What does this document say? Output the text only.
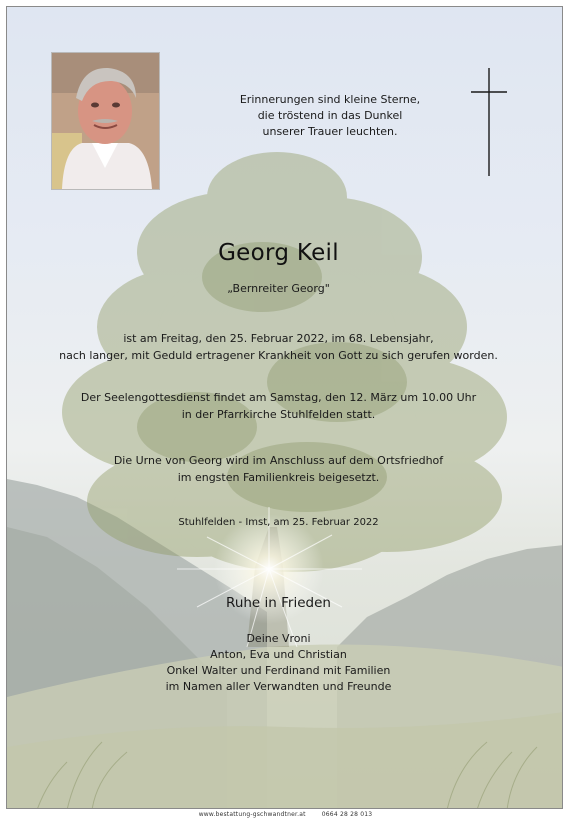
Erinnerungen sind kleine Sterne,
die tröstend in das Dunkel
unserer Trauer leuchten.
Georg Keil
„Bernreiter Georg"
ist am Freitag, den 25. Februar 2022, im 68. Lebensjahr,
nach langer, mit Geduld ertragener Krankheit von Gott zu sich gerufen worden.
Der Seelengottesdienst findet am Samstag, den 12. März um 10.00 Uhr
in der Pfarrkirche Stuhlfelden statt.
Die Urne von Georg wird im Anschluss auf dem Ortsfriedhof
im engsten Familienkreis beigesetzt.
Stuhlfelden - Imst, am 25. Februar 2022
Ruhe in Frieden
Deine Vroni
Anton, Eva und Christian
Onkel Walter und Ferdinand mit Familien
im Namen aller Verwandten und Freunde
www.bestattung-gschwandtner.at	0664 28 28 013
